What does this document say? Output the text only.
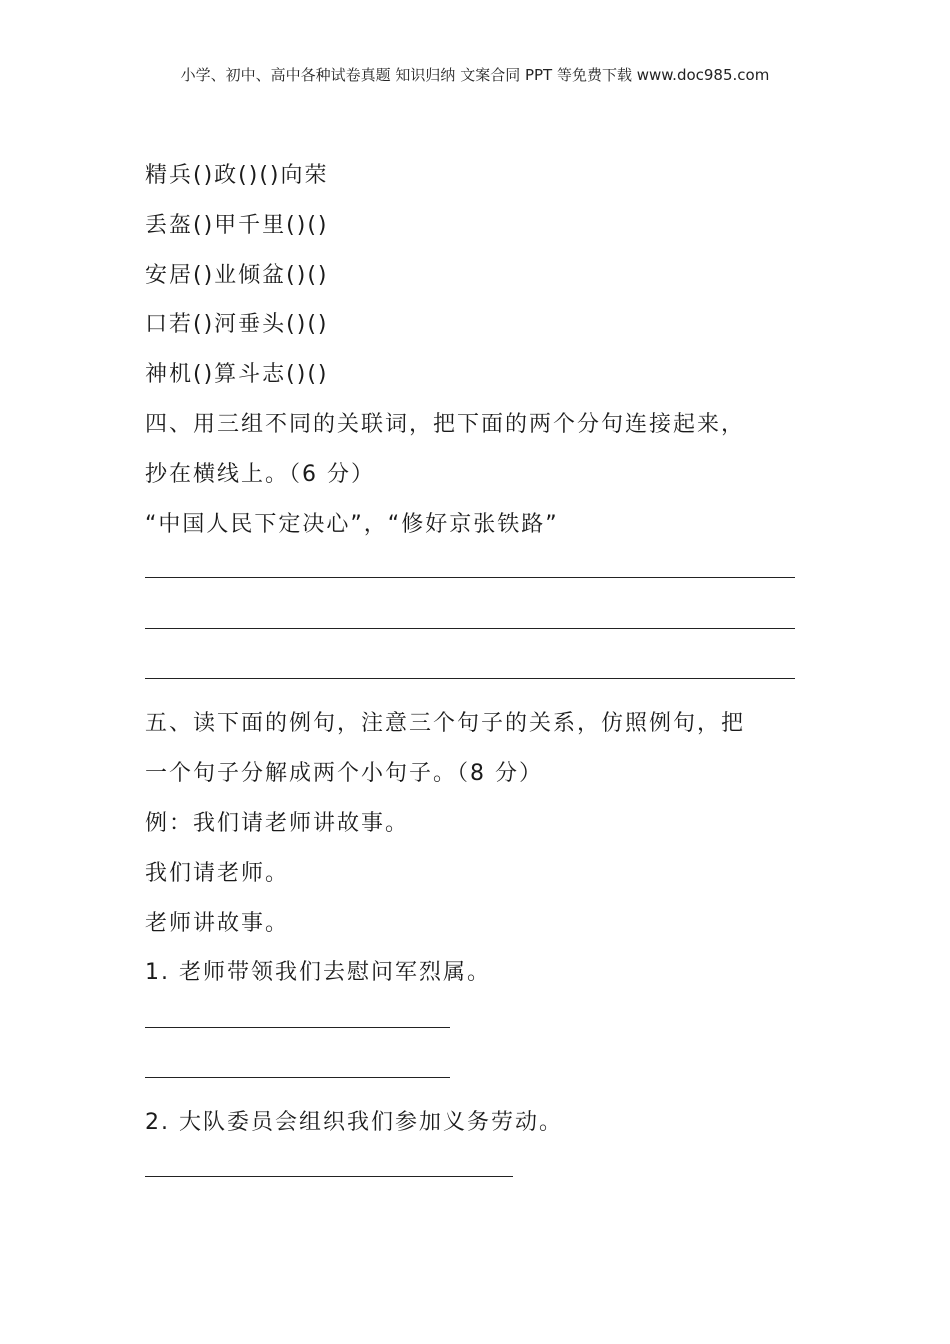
小学、初中、高中各种试卷真题 知识归纳 文案合同 PPT 等免费下载 www.doc985.com
精兵()政()()向荣
丢盔()甲千里()()
安居()业倾盆()()
口若()河垂头()()
神机()算斗志()()
四、用三组不同的关联词，把下面的两个分句连接起来，
抄在横线上。（6 分）
“中国人民下定决心”，“修好京张铁路”
五、读下面的例句，注意三个句子的关系，仿照例句，把
一个句子分解成两个小句子。（8 分）
例：我们请老师讲故事。
我们请老师。
老师讲故事。
1. 老师带领我们去慰问军烈属。
2. 大队委员会组织我们参加义务劳动。
